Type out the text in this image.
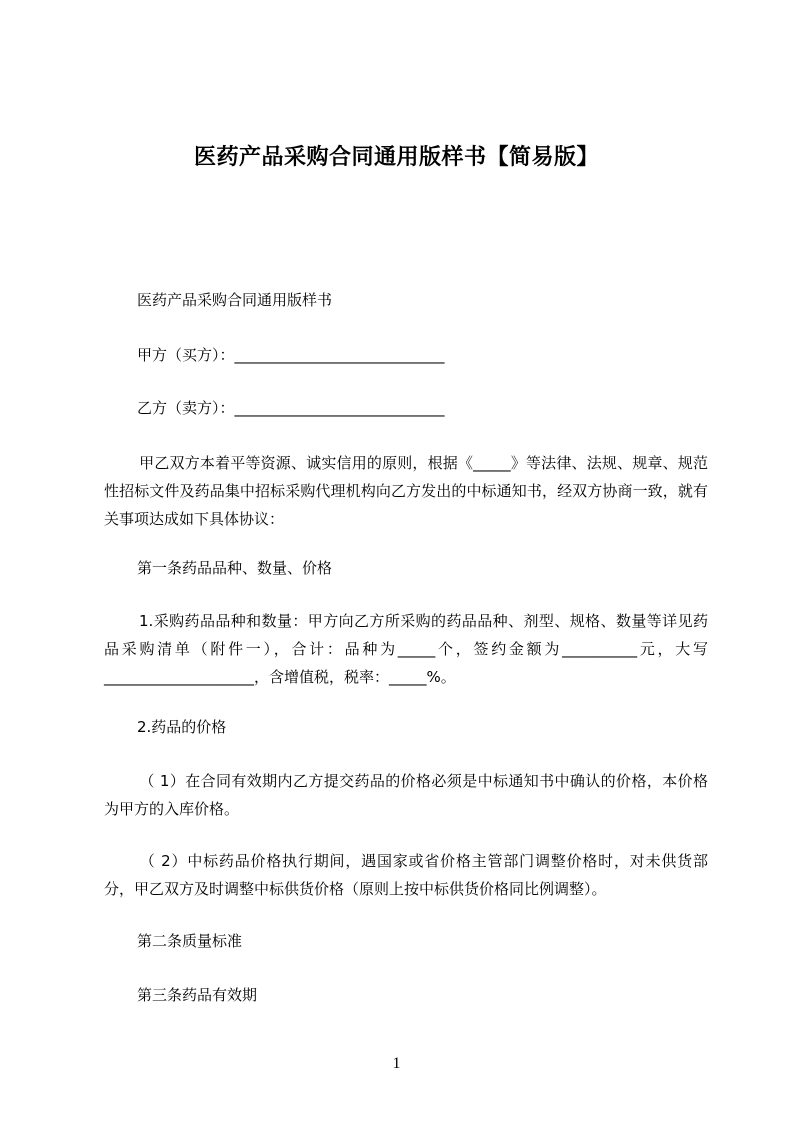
医药产品采购合同通用版样书【简易版】
医药产品采购合同通用版样书
甲方（买方）：____________________________
乙方（卖方）：____________________________
甲乙双方本着平等资源、诚实信用的原则，根据《_____》等法律、法规、规章、规范性招标文件及药品集中招标采购代理机构向乙方发出的中标通知书，经双方协商一致，就有关事项达成如下具体协议：
第一条药品品种、数量、价格
1.采购药品品种和数量：甲方向乙方所采购的药品品种、剂型、规格、数量等详见药品采购清单（附件一），合计：品种为_____个，签约金额为__________元，大写____________________，含增值税，税率：_____%。
2.药品的价格
（ 1）在合同有效期内乙方提交药品的价格必须是中标通知书中确认的价格，本价格为甲方的入库价格。
（ 2）中标药品价格执行期间，遇国家或省价格主管部门调整价格时，对未供货部分，甲乙双方及时调整中标供货价格（原则上按中标供货价格同比例调整）。
第二条质量标准
第三条药品有效期
1
